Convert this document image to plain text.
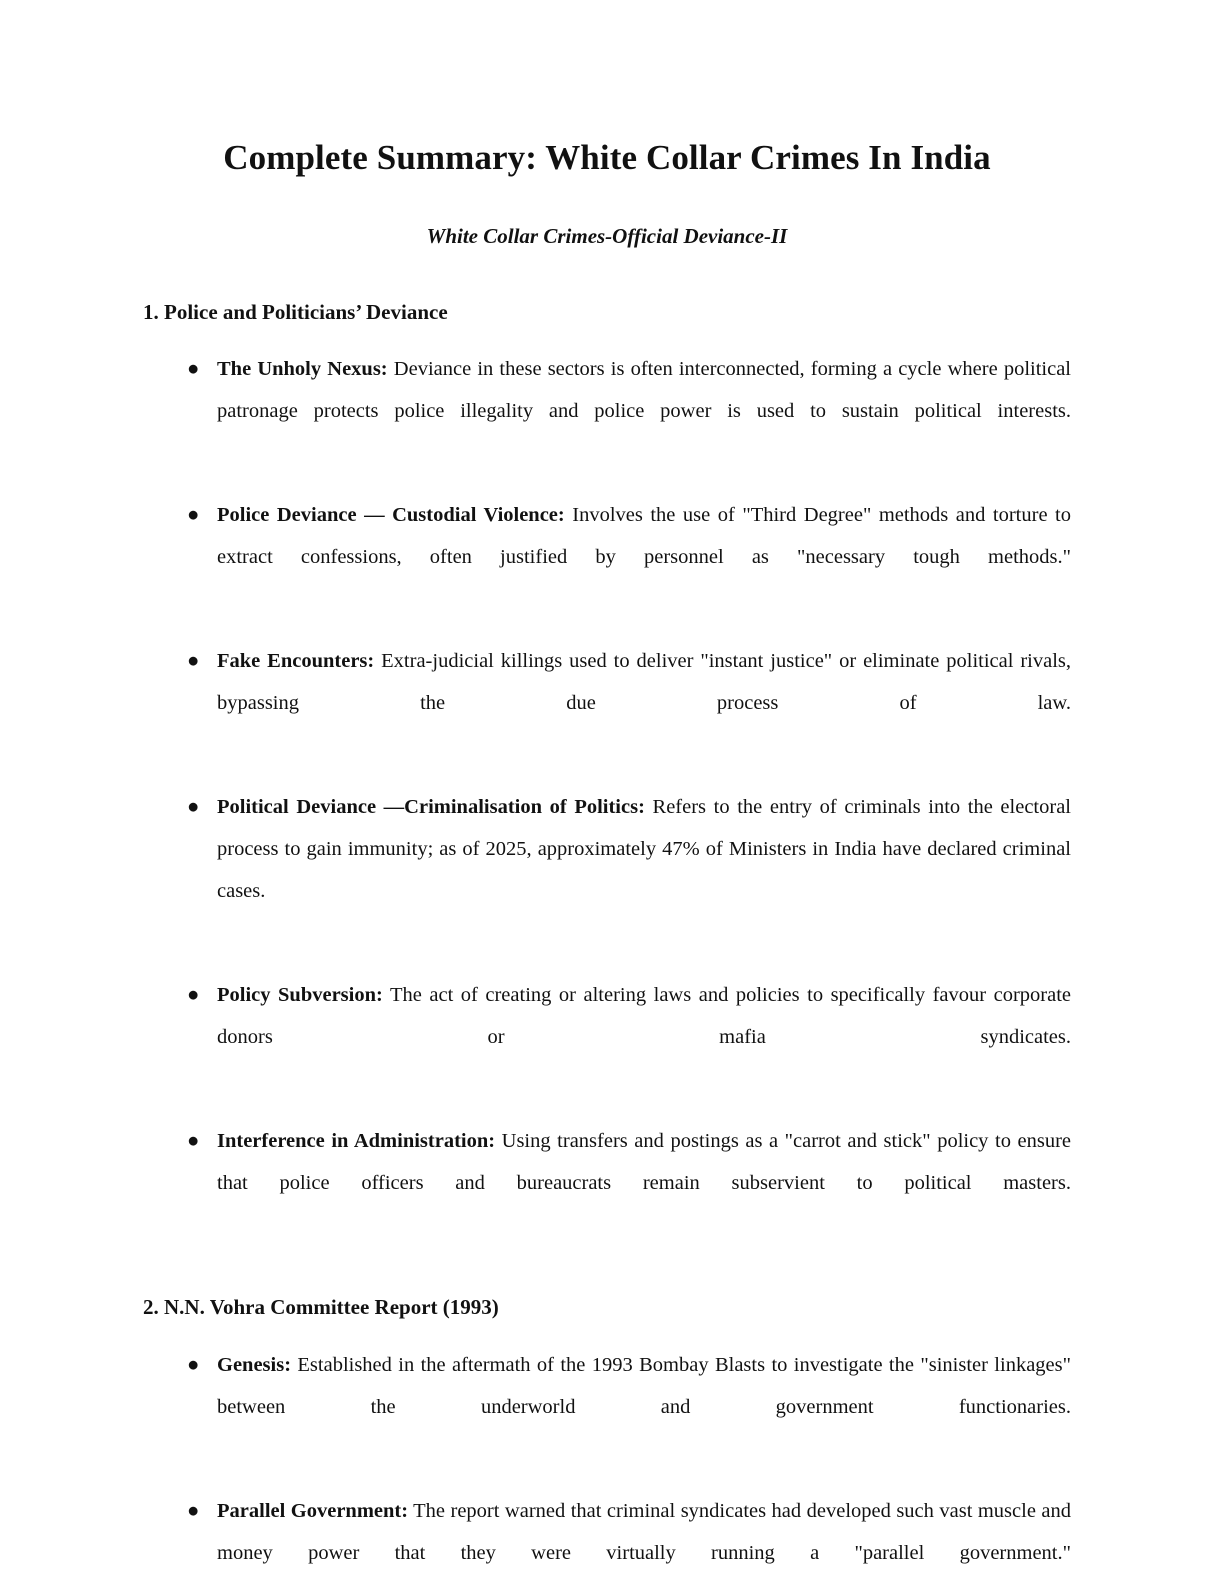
Complete Summary: White Collar Crimes In India
White Collar Crimes-Official Deviance-II
1. Police and Politicians’ Deviance
● The Unholy Nexus: Deviance in these sectors is often interconnected, forming a cycle where political patronage protects police illegality and police power is used to sustain political interests.
● Police Deviance — Custodial Violence: Involves the use of "Third Degree" methods and torture to extract confessions, often justified by personnel as "necessary tough methods."
● Fake Encounters: Extra-judicial killings used to deliver "instant justice" or eliminate political rivals, bypassing the due process of law.
● Political Deviance —Criminalisation of Politics: Refers to the entry of criminals into the electoral process to gain immunity; as of 2025, approximately 47% of Ministers in India have declared criminal cases.
● Policy Subversion: The act of creating or altering laws and policies to specifically favour corporate donors or mafia syndicates.
● Interference in Administration: Using transfers and postings as a "carrot and stick" policy to ensure that police officers and bureaucrats remain subservient to political masters.
2. N.N. Vohra Committee Report (1993)
● Genesis: Established in the aftermath of the 1993 Bombay Blasts to investigate the "sinister linkages" between the underworld and government functionaries.
● Parallel Government: The report warned that criminal syndicates had developed such vast muscle and money power that they were virtually running a "parallel government."
